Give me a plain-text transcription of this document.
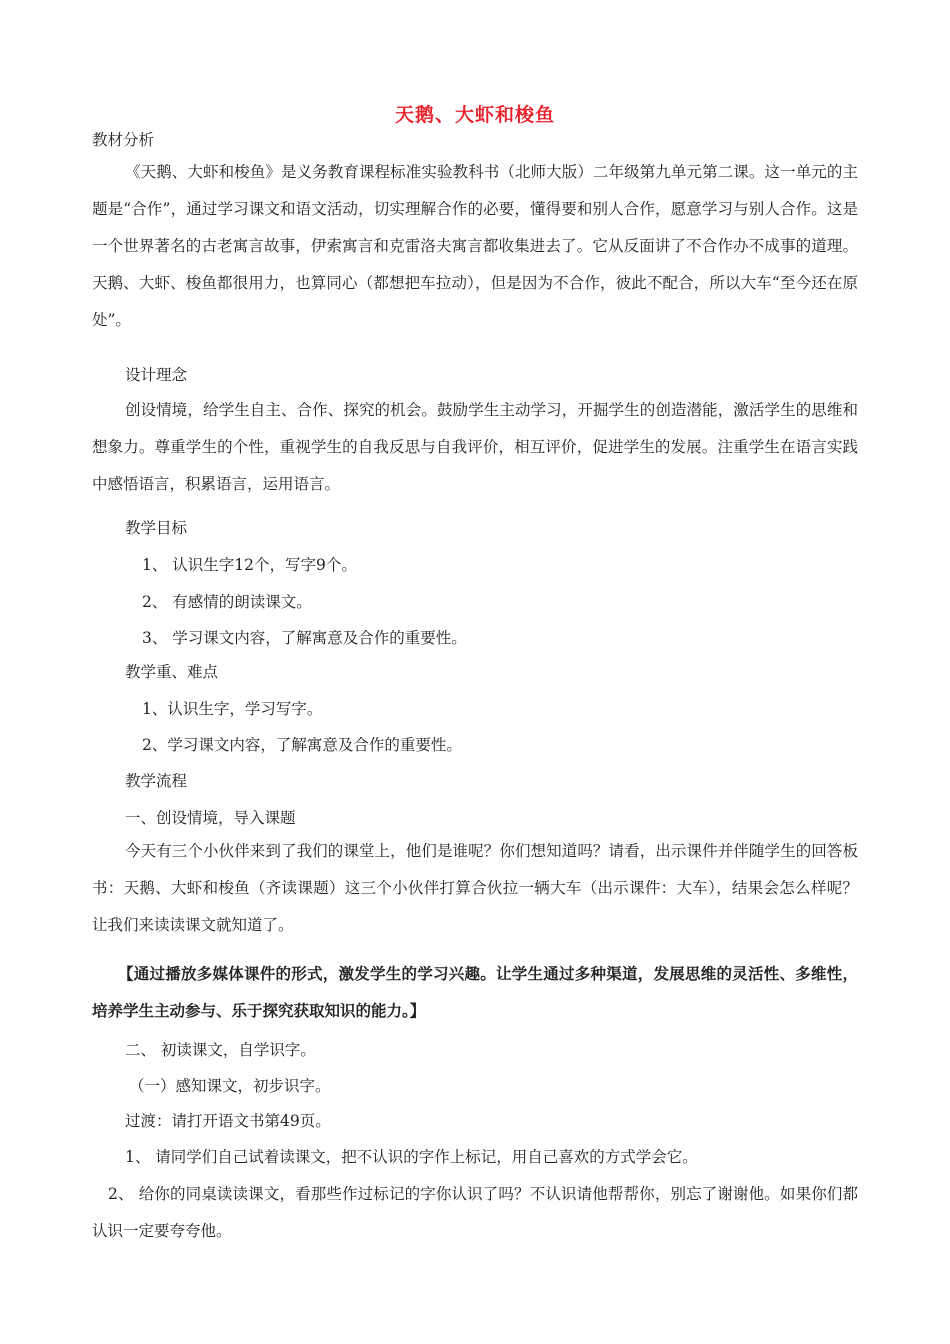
天鹅、大虾和梭鱼
教材分析
《天鹅、大虾和梭鱼》是义务教育课程标准实验教科书（北师大版）二年级第九单元第二课。这一单元的主题是“合作”，通过学习课文和语文活动，切实理解合作的必要，懂得要和别人合作，愿意学习与别人合作。这是一个世界著名的古老寓言故事，伊索寓言和克雷洛夫寓言都收集进去了。它从反面讲了不合作办不成事的道理。天鹅、大虾、梭鱼都很用力，也算同心（都想把车拉动），但是因为不合作，彼此不配合，所以大车“至今还在原处”。
设计理念
创设情境，给学生自主、合作、探究的机会。鼓励学生主动学习，开掘学生的创造潜能，激活学生的思维和想象力。尊重学生的个性，重视学生的自我反思与自我评价，相互评价，促进学生的发展。注重学生在语言实践中感悟语言，积累语言，运用语言。
教学目标
1、 认识生字12个，写字9个。
2、 有感情的朗读课文。
3、 学习课文内容，了解寓意及合作的重要性。
教学重、难点
1、认识生字，学习写字。
2、学习课文内容，了解寓意及合作的重要性。
教学流程
一、创设情境，导入课题
今天有三个小伙伴来到了我们的课堂上，他们是谁呢？你们想知道吗？请看，出示课件并伴随学生的回答板书：天鹅、大虾和梭鱼（齐读课题）这三个小伙伴打算合伙拉一辆大车（出示课件：大车），结果会怎么样呢？让我们来读读课文就知道了。
【通过播放多媒体课件的形式，激发学生的学习兴趣。让学生通过多种渠道，发展思维的灵活性、多维性，培养学生主动参与、乐于探究获取知识的能力。】
二、 初读课文，自学识字。
（一）感知课文，初步识字。
过渡：请打开语文书第49页。
1、 请同学们自己试着读课文，把不认识的字作上标记，用自己喜欢的方式学会它。
2、 给你的同桌读读课文，看那些作过标记的字你认识了吗？不认识请他帮帮你，别忘了谢谢他。如果你们都认识一定要夸夸他。
